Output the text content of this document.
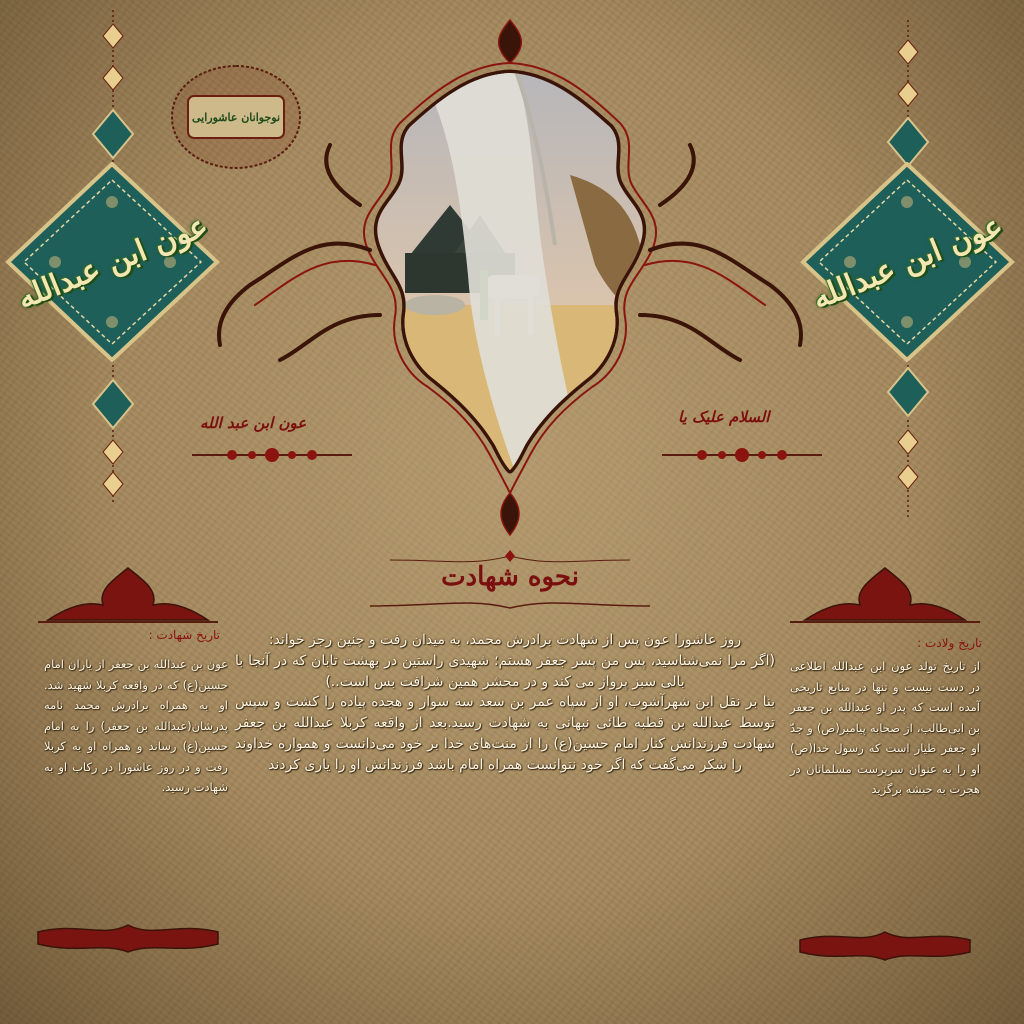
عون ابن عبدالله	عون ابن عبدالله
نوجوانان عاشورایی
عون ابن عبد الله	السلام علیک یا
نحوه شهادت
تاریخ ولادت :
از تاریخ تولد عون ابن عبدالله اطلاعی در دست نیست و تنها در منابع تاریخی آمده است که پدر او عبدالله بن جعفر بن ابی‌طالب، از صحابه پیامبر(ص) و جدّ او جعفر طیار است که رسول خدا(ص) او را به عنوان سرپرست مسلمانان در هجرت به حبشه برگزید
تاریخ شهادت :
عون بن عبدالله بن جعفر از یاران امام حسین(ع) که در واقعه کربلا شهید شد. او به همراه برادرش محمد نامه پدرشان(عبدالله بن جعفر) را به امام حسین(ع) رساند و همراه او به کربلا رفت و در روز عاشورا در رکاب او به شهادت رسید.

روز عاشورا عون پس از شهادت برادرش محمد، به میدان رفت و چنین رجز خواند:

(اگر مرا نمی‌شناسید، پس من پسر جعفر هستم؛ شهیدی راستین در بهشت تابان که در آنجا با بالی سبز پرواز می کند و در محشر همین شرافت بس است..)

بنا بر نقل ابن شهرآشوب، او از سپاه عمر بن سعد سه سوار و هجده پیاده را کشت و سپس توسط عبدالله بن قطبه طائی نبهانی به شهادت رسید.بعد از واقعه کربلا عبدالله بن جعفر شهادت فرزندانش کنار امام حسین(ع) را از منت‌های خدا بر خود می‌دانست و همواره خداوند را شکر می‌گفت که اگر خود نتوانست همراه امام باشد فرزندانش او را یاری کردند
